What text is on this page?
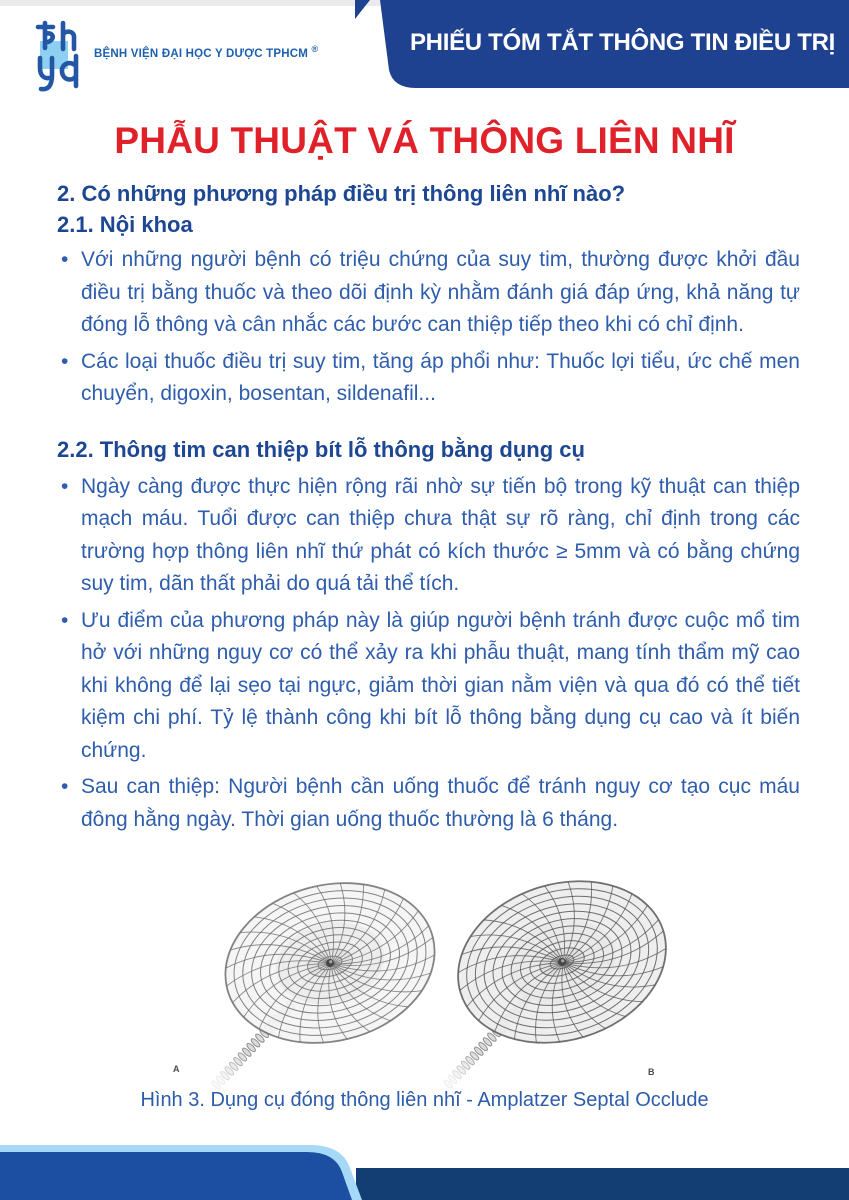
PHIẾU TÓM TẮT THÔNG TIN ĐIỀU TRỊ
BỆNH VIỆN ĐẠI HỌC Y DƯỢC TPHCM ®
PHẪU THUẬT VÁ THÔNG LIÊN NHĨ
2. Có những phương pháp điều trị thông liên nhĩ nào?
2.1. Nội khoa
• Với những người bệnh có triệu chứng của suy tim, thường được khởi đầu điều trị bằng thuốc và theo dõi định kỳ nhằm đánh giá đáp ứng, khả năng tự đóng lỗ thông và cân nhắc các bước can thiệp tiếp theo khi có chỉ định.
• Các loại thuốc điều trị suy tim, tăng áp phổi như: Thuốc lợi tiểu, ức chế men chuyển, digoxin, bosentan, sildenafil...
2.2. Thông tim can thiệp bít lỗ thông bằng dụng cụ
• Ngày càng được thực hiện rộng rãi nhờ sự tiến bộ trong kỹ thuật can thiệp mạch máu. Tuổi được can thiệp chưa thật sự rõ ràng, chỉ định trong các trường hợp thông liên nhĩ thứ phát có kích thước ≥ 5mm và có bằng chứng suy tim, dãn thất phải do quá tải thể tích.
• Ưu điểm của phương pháp này là giúp người bệnh tránh được cuộc mổ tim hở với những nguy cơ có thể xảy ra khi phẫu thuật, mang tính thẩm mỹ cao khi không để lại sẹo tại ngực, giảm thời gian nằm viện và qua đó có thể tiết kiệm chi phí. Tỷ lệ thành công khi bít lỗ thông bằng dụng cụ cao và ít biến chứng.
• Sau can thiệp: Người bệnh cần uống thuốc để tránh nguy cơ tạo cục máu đông hằng ngày. Thời gian uống thuốc thường là 6 tháng.
A	B
Hình 3. Dụng cụ đóng thông liên nhĩ - Amplatzer Septal Occlude
